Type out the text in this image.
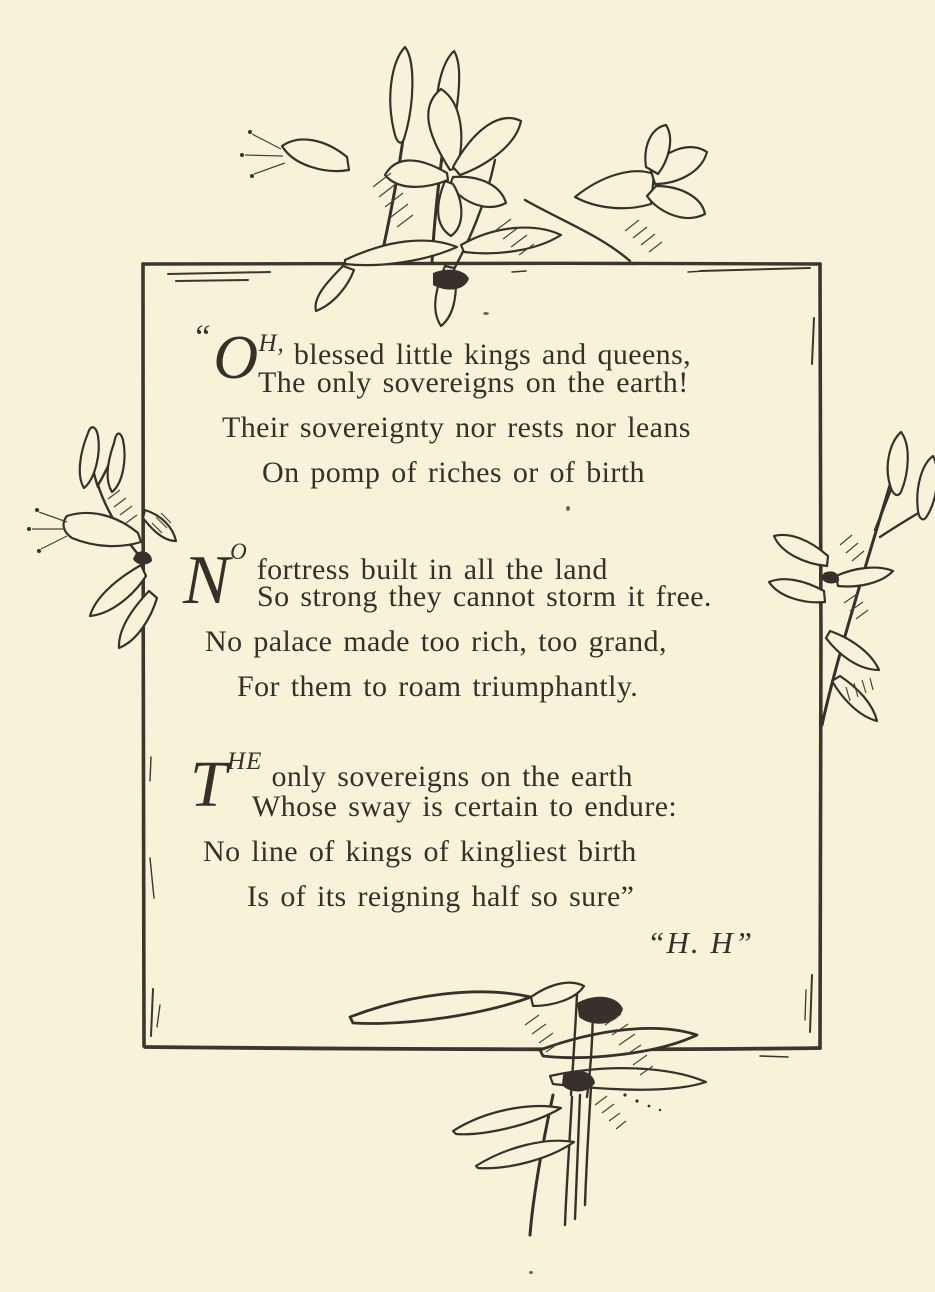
“$O^{H,}$ blessed little kings and queens,
The only sovereigns on the earth!
Their sovereignty nor rests nor leans
On pomp of riches or of birth
$N^Ofortress$ built in all the land
So strong they cannot storm it free.
No palace made too rich, too grand,
For them to roam triumphantly.
$T^{HE}$ only sovereigns on the earth
Whose sway is certain to endure:
No line of kings of kingliest birth
Is of its reigning half so sure”
“H. H”
